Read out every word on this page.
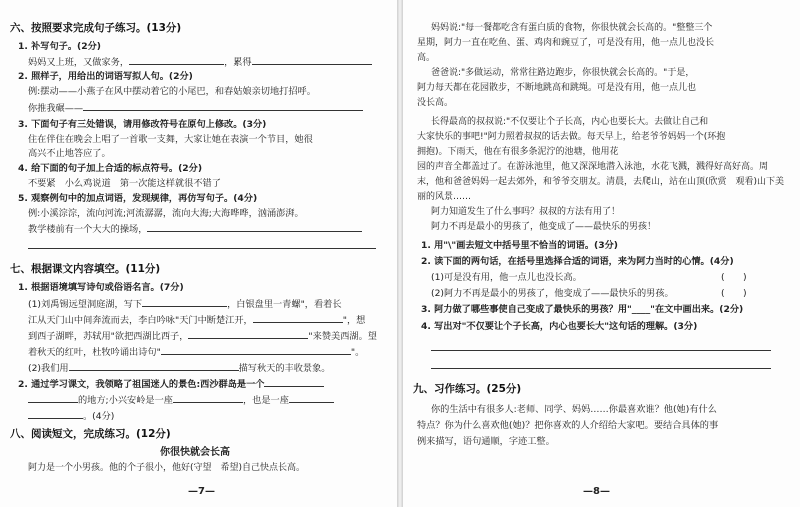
六、按照要求完成句子练习。(13分)
1. 补写句子。(2分)
妈妈又上班，又做家务，	，累得
2. 照样子，用给出的词语写拟人句。(2分)
例:摆动——小燕子在风中摆动着它的小尾巴，和春姑娘亲切地打招呼。
你推我碾——
3. 下面句子有三处错误，请用修改符号在原句上修改。(3分)
住在伴住在晚会上唱了一首歌一支舞，大家让她在表演一个节目，她很
高兴不止地答应了。
4. 给下面的句子加上合适的标点符号。(2分)
不要紧　小么鸡说道　第一次能这样就很不错了
5. 观察例句中的加点词语，发现规律，再仿写句子。(4分)
例:小溪淙淙，流向河流;河流潺潺，流向大海;大海哗哗，汹涌澎湃。
教学楼前有一个大大的操场，
七、根据课文内容填空。(11分)
1. 根据语境填写诗句或俗语名言。(7分)
(1)刘禹锡远望洞庭湖，写下	，白银盘里一青螺"，看着长
江从天门山中间奔流而去，李白吟咏"天门中断楚江开，	"，想
到西子湖畔，苏轼用"欲把西湖比西子，	"来赞美西湖。望
着秋天的红叶，杜牧吟诵出诗句"	"。
(2)我们用	描写秋天的丰收景象。
2. 通过学习课文，我领略了祖国迷人的景色:西沙群岛是一个
的地方;小兴安岭是一座	，也是一座
。(4分)
八、阅读短文，完成练习。(12分)
你很快就会长高
阿力是一个小男孩。他的个子很小，他好(守望　希望)自己快点长高。
—7—
妈妈说:"每一餐都吃含有蛋白质的食物，你很快就会长高的。"整整三个
星期，阿力一直在吃鱼、蛋、鸡肉和豌豆了，可是没有用，他一点儿也没长
高。
爸爸说:"多做运动，常常往路边跑步，你很快就会长高的。"于是，
阿力每天都在花园散步，不断地跳高和跳绳。可是没有用，他一点儿也
没长高。
长得最高的叔叔说:"不仅要让个子长高，内心也要长大。去做让自己和
大家快乐的事吧!"阿力照着叔叔的话去做。每天早上，给老爷爷妈妈一个(环抱
拥抱)。下雨天，他在有很多条泥泞的池塘，他用花
园的声音全都盖过了。在游泳池里，他又深深地潜入泳池，水花飞溅，溅得好高好高。周
末，他和爸爸妈妈一起去郊外，和爷爷交朋友。清晨，去爬山，站在山顶(欣赏　观看)山下美
丽的风景……
阿力知道发生了什么事吗？叔叔的方法有用了！
阿力不再是最小的男孩了，他变成了——最快乐的男孩！
1. 用"\"画去短文中括号里不恰当的词语。(3分)
2. 读下面的两句话，在括号里选择合适的词语，来为阿力当时的心情。(4分)
(1)可是没有用，他一点儿也没长高。	(　　)
(2)阿力不再是最小的男孩了，他变成了——最快乐的男孩。	(　　)
3. 阿力做了哪些事使自己变成了最快乐的男孩？用"____"在文中画出来。(2分)
4. 写出对"不仅要让个子长高，内心也要长大"这句话的理解。(3分)
九、习作练习。(25分)
你的生活中有很多人:老师、同学、妈妈……你最喜欢谁？他(她)有什么
特点？你为什么喜欢他(她)？把你喜欢的人介绍给大家吧。要结合具体的事
例来描写，语句通顺，字迹工整。
—8—
